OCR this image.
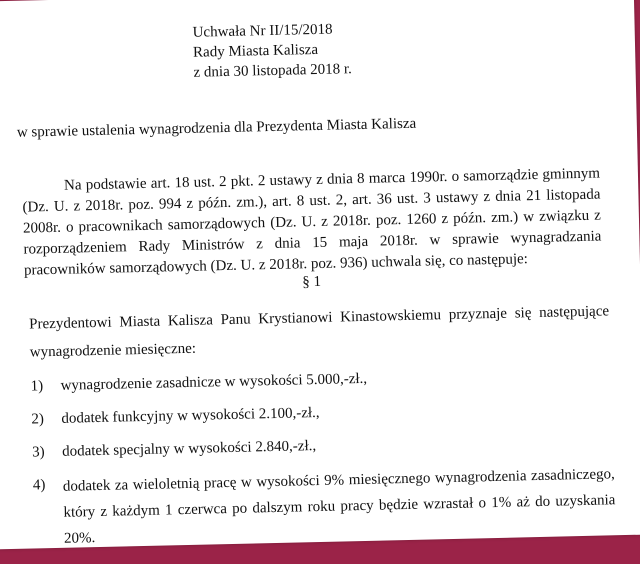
Uchwała Nr II/15/2018
Rady Miasta Kalisza
z dnia 30 listopada 2018 r.
w sprawie ustalenia wynagrodzenia dla Prezydenta Miasta Kalisza
Na podstawie art. 18 ust. 2 pkt. 2 ustawy z dnia 8 marca 1990r. o samorządzie gminnym (Dz. U. z 2018r. poz. 994 z późn. zm.), art. 8 ust. 2, art. 36 ust. 3 ustawy z dnia 21 listopada 2008r. o pracownikach samorządowych (Dz. U. z 2018r. poz. 1260 z późn. zm.) w związku z rozporządzeniem Rady Ministrów z dnia 15 maja 2018r. w sprawie wynagradzania pracowników samorządowych (Dz. U. z 2018r. poz. 936) uchwala się, co następuje:
§ 1
Prezydentowi Miasta Kalisza Panu Krystianowi Kinastowskiemu przyznaje się następujące
wynagrodzenie miesięczne:
1) wynagrodzenie zasadnicze w wysokości 5.000,-zł.,
2) dodatek funkcyjny w wysokości 2.100,-zł.,
3) dodatek specjalny w wysokości 2.840,-zł.,
4) dodatek za wieloletnią pracę w wysokości 9% miesięcznego wynagrodzenia zasadniczego, który z każdym 1 czerwca po dalszym roku pracy będzie wzrastał o 1% aż do uzyskania 20%.
